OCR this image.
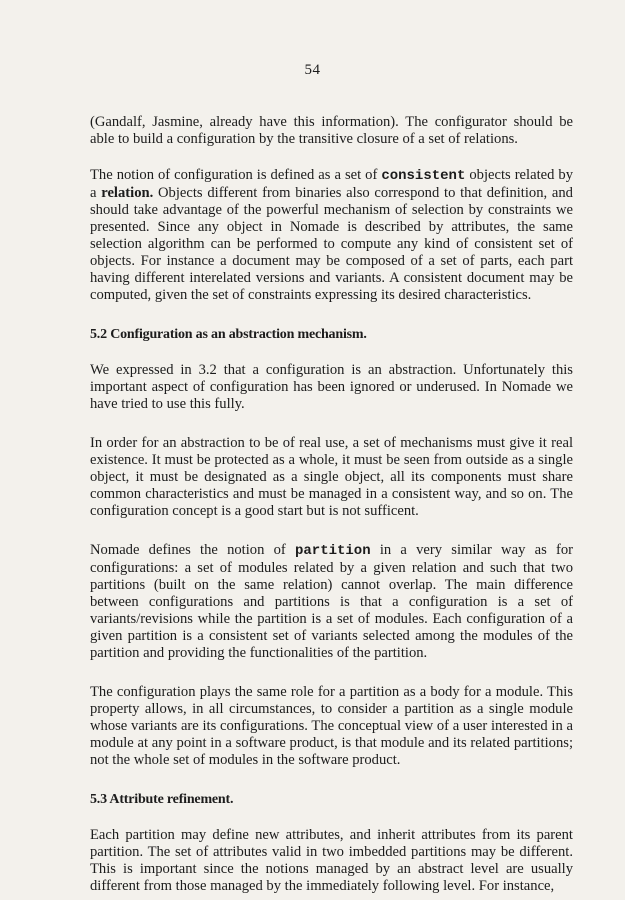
54

(Gandalf, Jasmine, already have this information). The configurator should be able to build a configuration by the transitive closure of a set of relations.

The notion of configuration is defined as a set of consistent objects related by a relation. Objects different from binaries also correspond to that definition, and should take advantage of the powerful mechanism of selection by constraints we presented. Since any object in Nomade is described by attributes, the same selection algorithm can be performed to compute any kind of consistent set of objects. For instance a document may be composed of a set of parts, each part having different interelated versions and variants. A consistent document may be computed, given the set of constraints expressing its desired characteristics.

5.2 Configuration as an abstraction mechanism.

We expressed in 3.2 that a configuration is an abstraction. Unfortunately this important aspect of configuration has been ignored or underused. In Nomade we have tried to use this fully.

In order for an abstraction to be of real use, a set of mechanisms must give it real existence. It must be protected as a whole, it must be seen from outside as a single object, it must be designated as a single object, all its components must share common characteristics and must be managed in a consistent way, and so on. The configuration concept is a good start but is not sufficent.

Nomade defines the notion of partition in a very similar way as for configurations: a set of modules related by a given relation and such that two partitions (built on the same relation) cannot overlap. The main difference between configurations and partitions is that a configuration is a set of variants/revisions while the partition is a set of modules. Each configuration of a given partition is a consistent set of variants selected among the modules of the partition and providing the functionalities of the partition.

The configuration plays the same role for a partition as a body for a module. This property allows, in all circumstances, to consider a partition as a single module whose variants are its configurations. The conceptual view of a user interested in a module at any point in a software product, is that module and its related partitions; not the whole set of modules in the software product.

5.3 Attribute refinement.

Each partition may define new attributes, and inherit attributes from its parent partition. The set of attributes valid in two imbedded partitions may be different. This is important since the notions managed by an abstract level are usually different from those managed by the immediately following level. For instance,
